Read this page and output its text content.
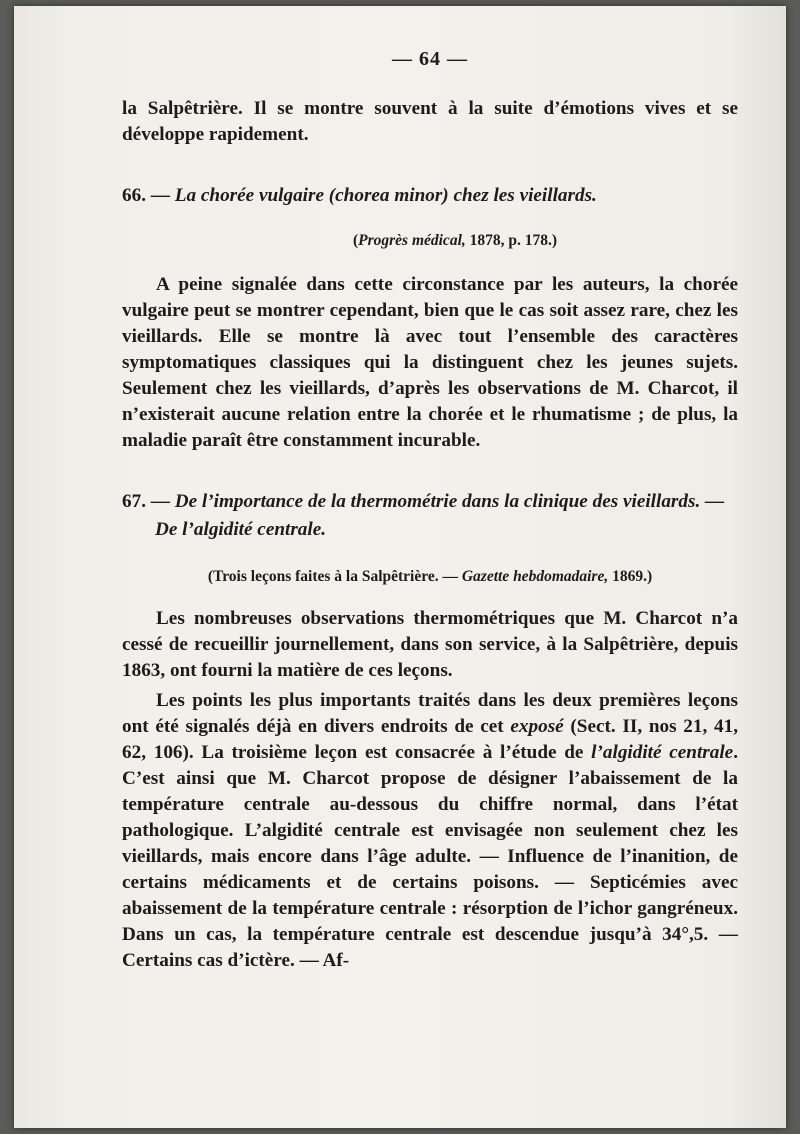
— 64 —

la Salpêtrière. Il se montre souvent à la suite d’émotions vives et se développe rapidement.

66. — La chorée vulgaire (chorea minor) chez les vieillards.

(Progrès médical, 1878, p. 178.)

A peine signalée dans cette circonstance par les auteurs, la chorée vulgaire peut se montrer cependant, bien que le cas soit assez rare, chez les vieillards. Elle se montre là avec tout l’ensemble des caractères symptomatiques classiques qui la distinguent chez les jeunes sujets. Seulement chez les vieillards, d’après les observations de M. Charcot, il n’existerait aucune relation entre la chorée et le rhumatisme ; de plus, la maladie paraît être constamment incurable.

67. — De l’importance de la thermométrie dans la clinique des vieillards. — De l’algidité centrale.

(Trois leçons faites à la Salpêtrière. — Gazette hebdomadaire, 1869.)

Les nombreuses observations thermométriques que M. Charcot n’a cessé de recueillir journellement, dans son service, à la Salpêtrière, depuis 1863, ont fourni la matière de ces leçons.

Les points les plus importants traités dans les deux premières leçons ont été signalés déjà en divers endroits de cet exposé (Sect. II, nos 21, 41, 62, 106). La troisième leçon est consacrée à l’étude de l’algidité centrale. C’est ainsi que M. Charcot propose de désigner l’abaissement de la température centrale au-dessous du chiffre normal, dans l’état pathologique. L’algidité centrale est envisagée non seulement chez les vieillards, mais encore dans l’âge adulte. — Influence de l’inanition, de certains médicaments et de certains poisons. — Septicémies avec abaissement de la température centrale : résorption de l’ichor gangréneux. Dans un cas, la température centrale est descendue jusqu’à 34°,5. — Certains cas d’ictère. — Af-
